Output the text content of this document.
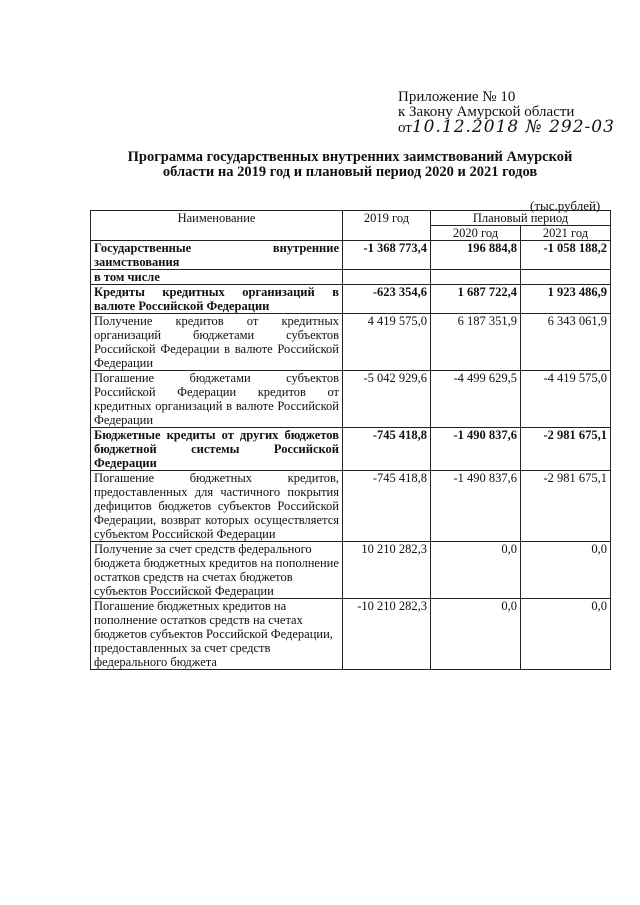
Приложение № 10
к Закону Амурской области
от10.12.2018 № 292-03
Программа государственных внутренних заимствований Амурской области на 2019 год и плановый период 2020 и 2021 годов
(тыс.рублей)
Наименование	2019 год	Плановый период	
		2020 год	2021 год
Государственные внутренние заимствования	-1 368 773,4	196 884,8	-1 058 188,2
в том числе			
Кредиты кредитных организаций в валюте Российской Федерации	-623 354,6	1 687 722,4	1 923 486,9
Получение кредитов от кредитных организаций бюджетами субъектов Российской Федерации в валюте Российской Федерации	4 419 575,0	6 187 351,9	6 343 061,9
Погашение бюджетами субъектов Российской Федерации кредитов от кредитных организаций в валюте Российской Федерации	-5 042 929,6	-4 499 629,5	-4 419 575,0
Бюджетные кредиты от других бюджетов бюджетной системы Российской Федерации	-745 418,8	-1 490 837,6	-2 981 675,1
Погашение бюджетных кредитов, предоставленных для частичного покрытия дефицитов бюджетов субъектов Российской Федерации, возврат которых осуществляется субъектом Российской Федерации	-745 418,8	-1 490 837,6	-2 981 675,1
Получение за счет средств федерального бюджета бюджетных кредитов на пополнение остатков средств на счетах бюджетов субъектов Российской Федерации	10 210 282,3	0,0	0,0
Погашение бюджетных кредитов на пополнение остатков средств на счетах бюджетов субъектов Российской Федерации, предоставленных за счет средств федерального бюджета	-10 210 282,3	0,0	0,0
